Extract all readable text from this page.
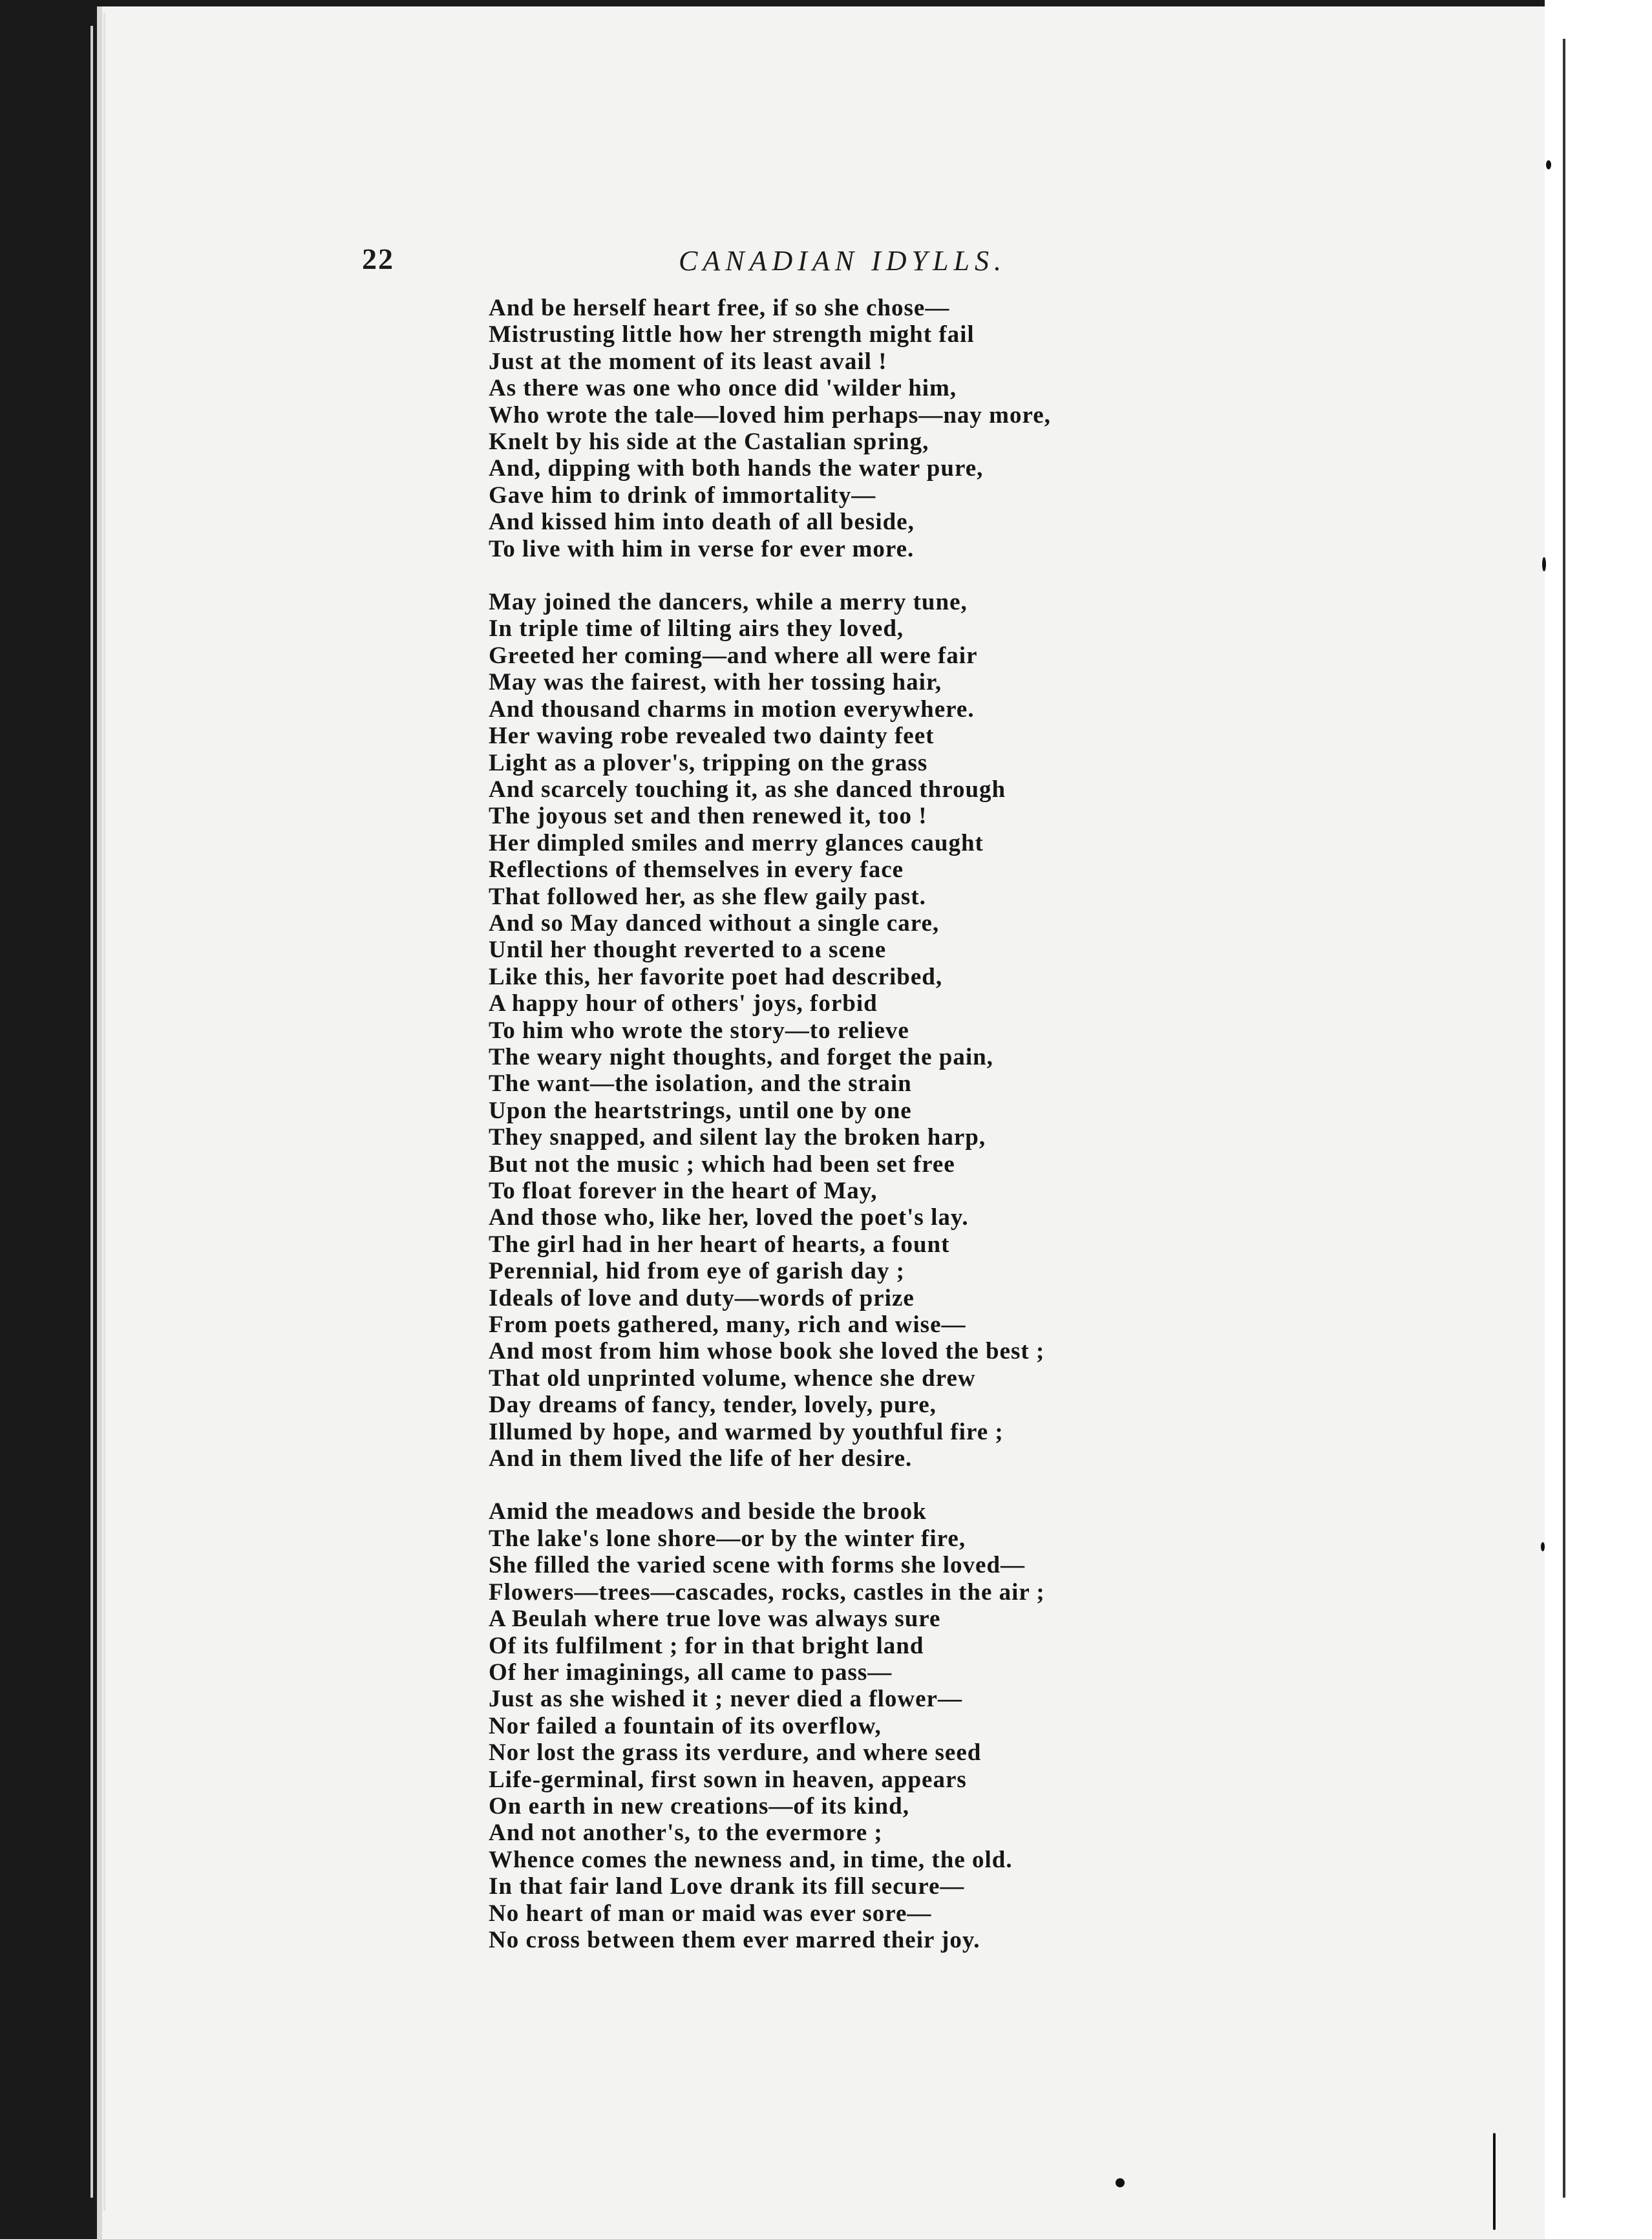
22	CANADIAN IDYLLS.
And be herself heart free, if so she chose—
Mistrusting little how her strength might fail
Just at the moment of its least avail !
As there was one who once did 'wilder him,
Who wrote the tale—loved him perhaps—nay more,
Knelt by his side at the Castalian spring,
And, dipping with both hands the water pure,
Gave him to drink of immortality—
And kissed him into death of all beside,
To live with him in verse for ever more.
May joined the dancers, while a merry tune,
In triple time of lilting airs they loved,
Greeted her coming—and where all were fair
May was the fairest, with her tossing hair,
And thousand charms in motion everywhere.
Her waving robe revealed two dainty feet
Light as a plover's, tripping on the grass
And scarcely touching it, as she danced through
The joyous set and then renewed it, too !
Her dimpled smiles and merry glances caught
Reflections of themselves in every face
That followed her, as she flew gaily past.
And so May danced without a single care,
Until her thought reverted to a scene
Like this, her favorite poet had described,
A happy hour of others' joys, forbid
To him who wrote the story—to relieve
The weary night thoughts, and forget the pain,
The want—the isolation, and the strain
Upon the heartstrings, until one by one
They snapped, and silent lay the broken harp,
But not the music ; which had been set free
To float forever in the heart of May,
And those who, like her, loved the poet's lay.
The girl had in her heart of hearts, a fount
Perennial, hid from eye of garish day ;
Ideals of love and duty—words of prize
From poets gathered, many, rich and wise—
And most from him whose book she loved the best ;
That old unprinted volume, whence she drew
Day dreams of fancy, tender, lovely, pure,
Illumed by hope, and warmed by youthful fire ;
And in them lived the life of her desire.
Amid the meadows and beside the brook
The lake's lone shore—or by the winter fire,
She filled the varied scene with forms she loved—
Flowers—trees—cascades, rocks, castles in the air ;
A Beulah where true love was always sure
Of its fulfilment ; for in that bright land
Of her imaginings, all came to pass—
Just as she wished it ; never died a flower—
Nor failed a fountain of its overflow,
Nor lost the grass its verdure, and where seed
Life-germinal, first sown in heaven, appears
On earth in new creations—of its kind,
And not another's, to the evermore ;
Whence comes the newness and, in time, the old.
In that fair land Love drank its fill secure—
No heart of man or maid was ever sore—
No cross between them ever marred their joy.
